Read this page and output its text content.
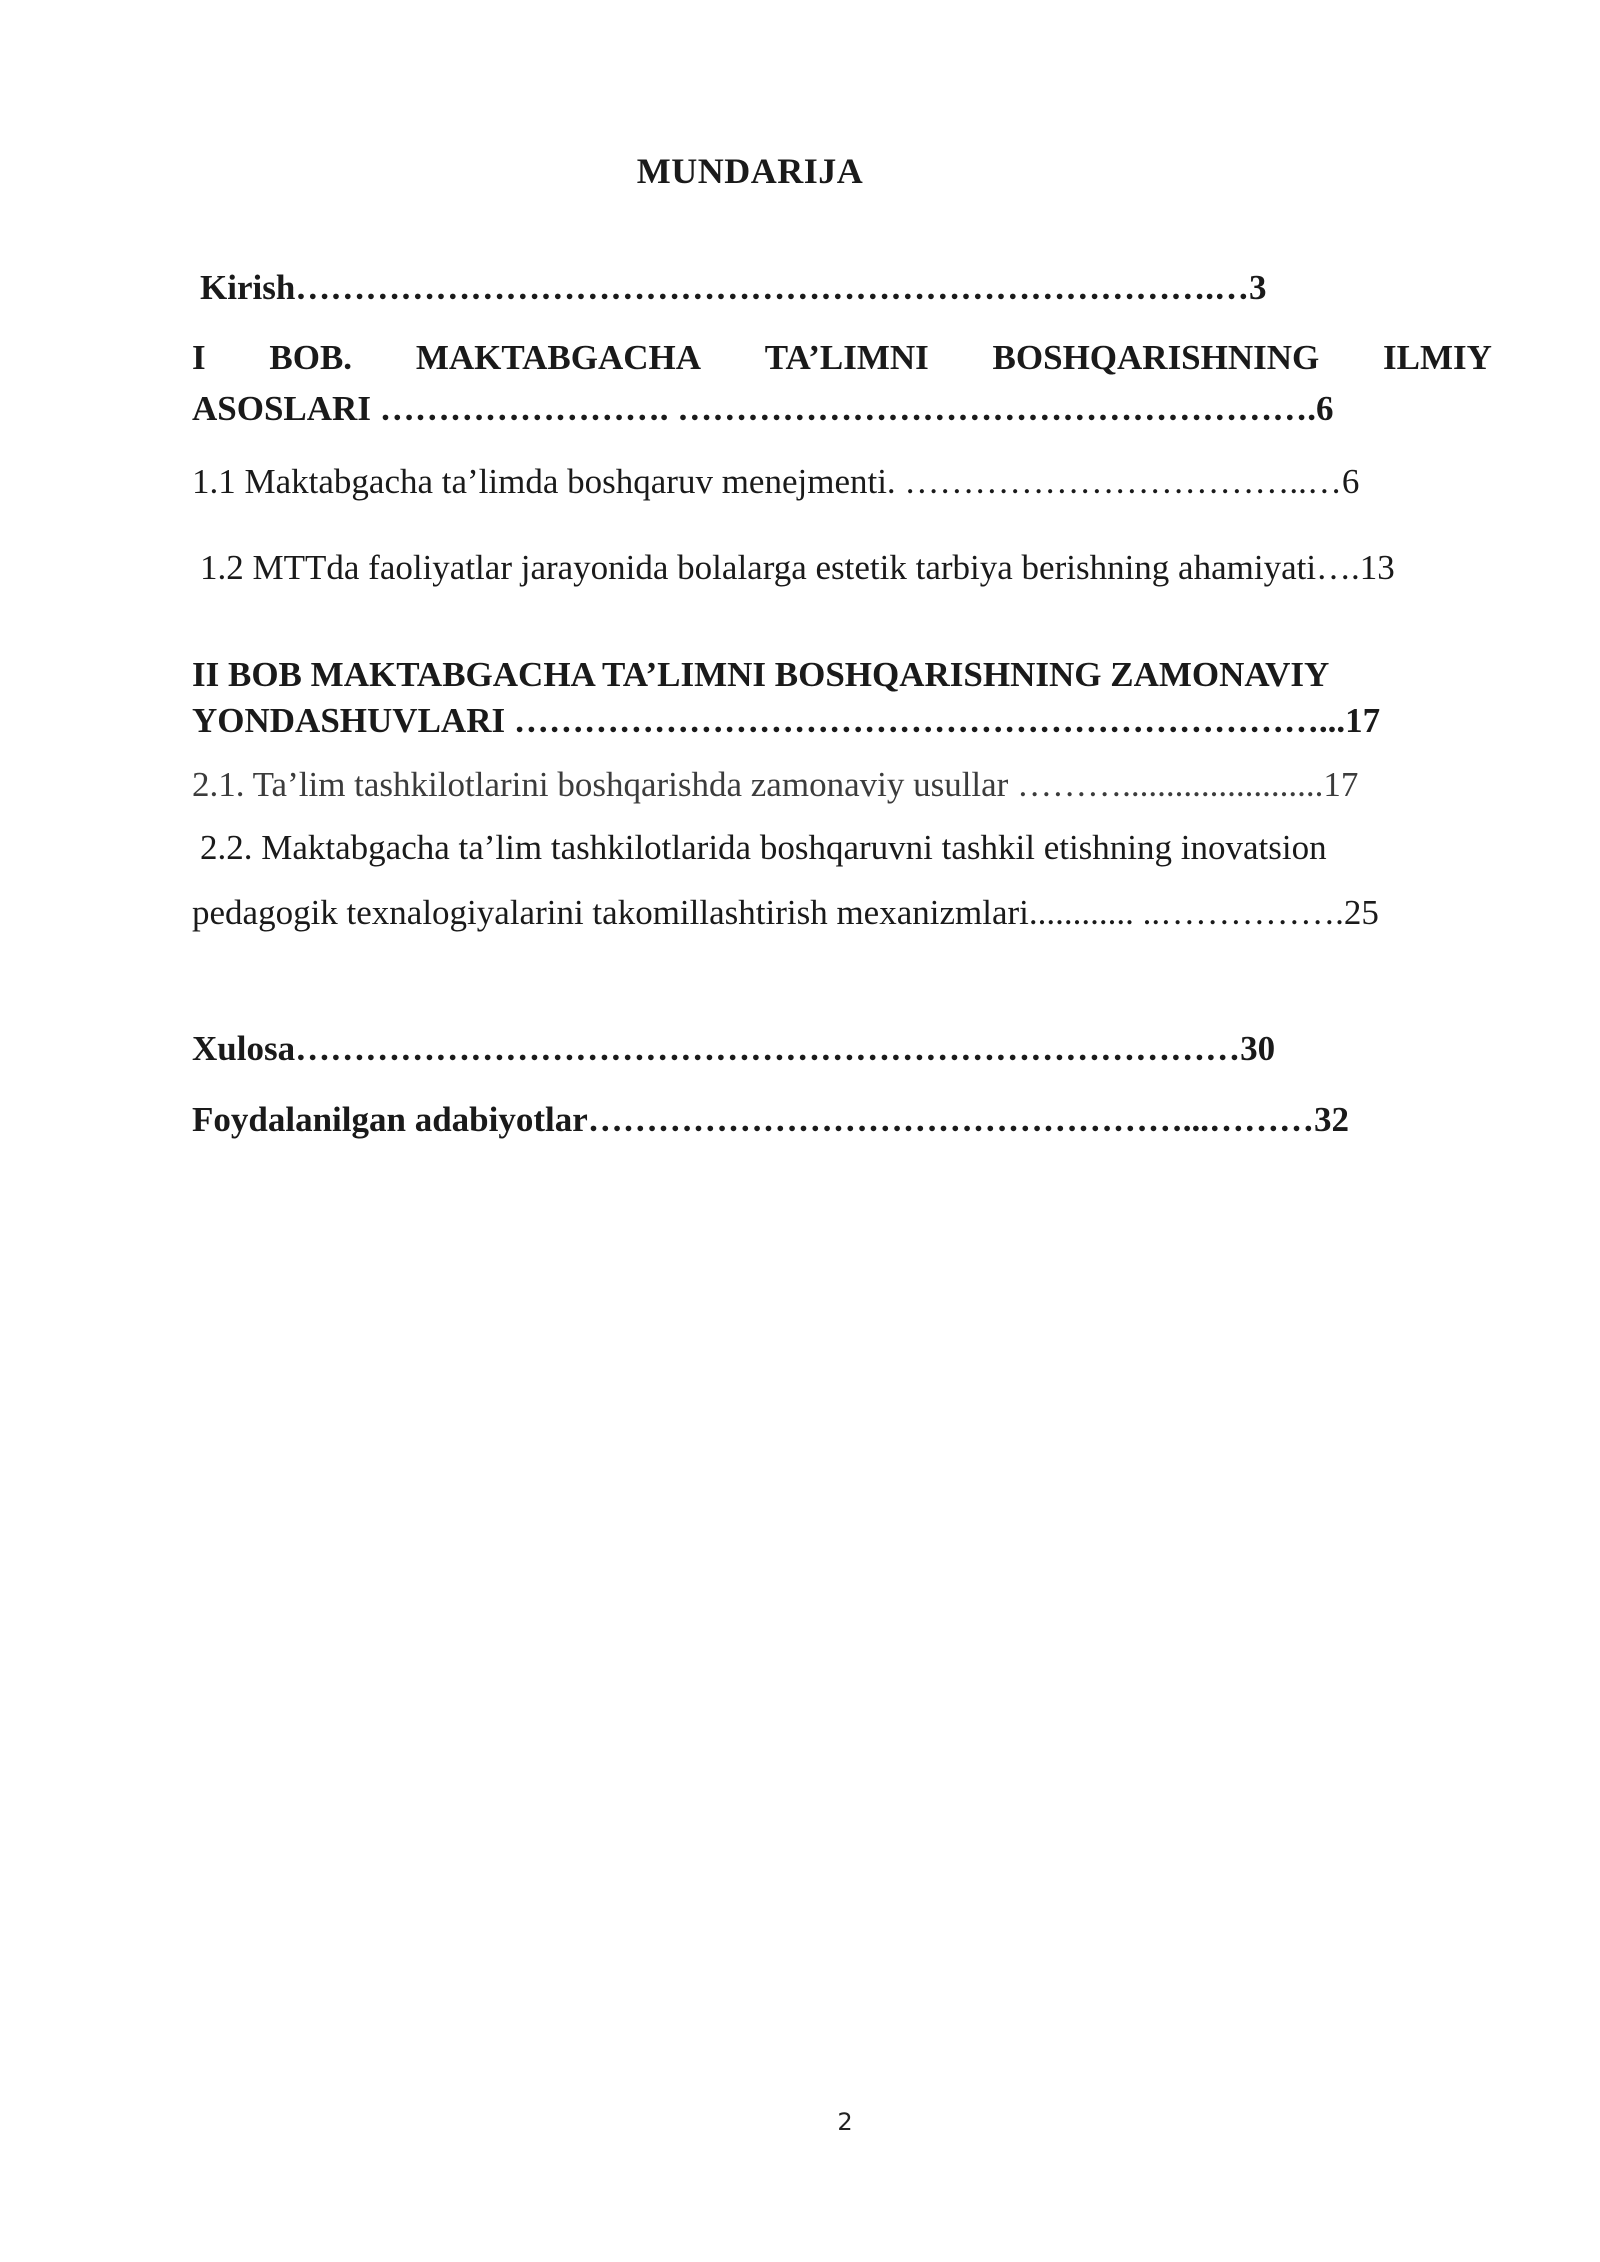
MUNDARIJA
Kirish…………………………………………………………………….…3
I BOB. MAKTABGACHA TA’LIMNI BOSHQARISHNING ILMIY
ASOSLARI ……………………. ……………………………………………….6
1.1 Maktabgacha ta’limda boshqaruv menejmenti. ……………………………..…6
1.2 MTTda faoliyatlar jarayonida bolalarga estetik tarbiya berishning ahamiyati….13
II BOB MAKTABGACHA TA’LIMNI BOSHQARISHNING ZAMONAVIY
YONDASHUVLARI ……………………………………………………………...17
2.1. Ta’lim tashkilotlarini boshqarishda zamonaviy usullar ……….......................17
2.2. Maktabgacha ta’lim tashkilotlarida boshqaruvni tashkil etishning inovatsion
pedagogik texnalogiyalarini takomillashtirish mexanizmlari............ ..…………….25
Xulosa………………………………………………………………………30
Foydalanilgan adabiyotlar……………………………………………...………32
2
